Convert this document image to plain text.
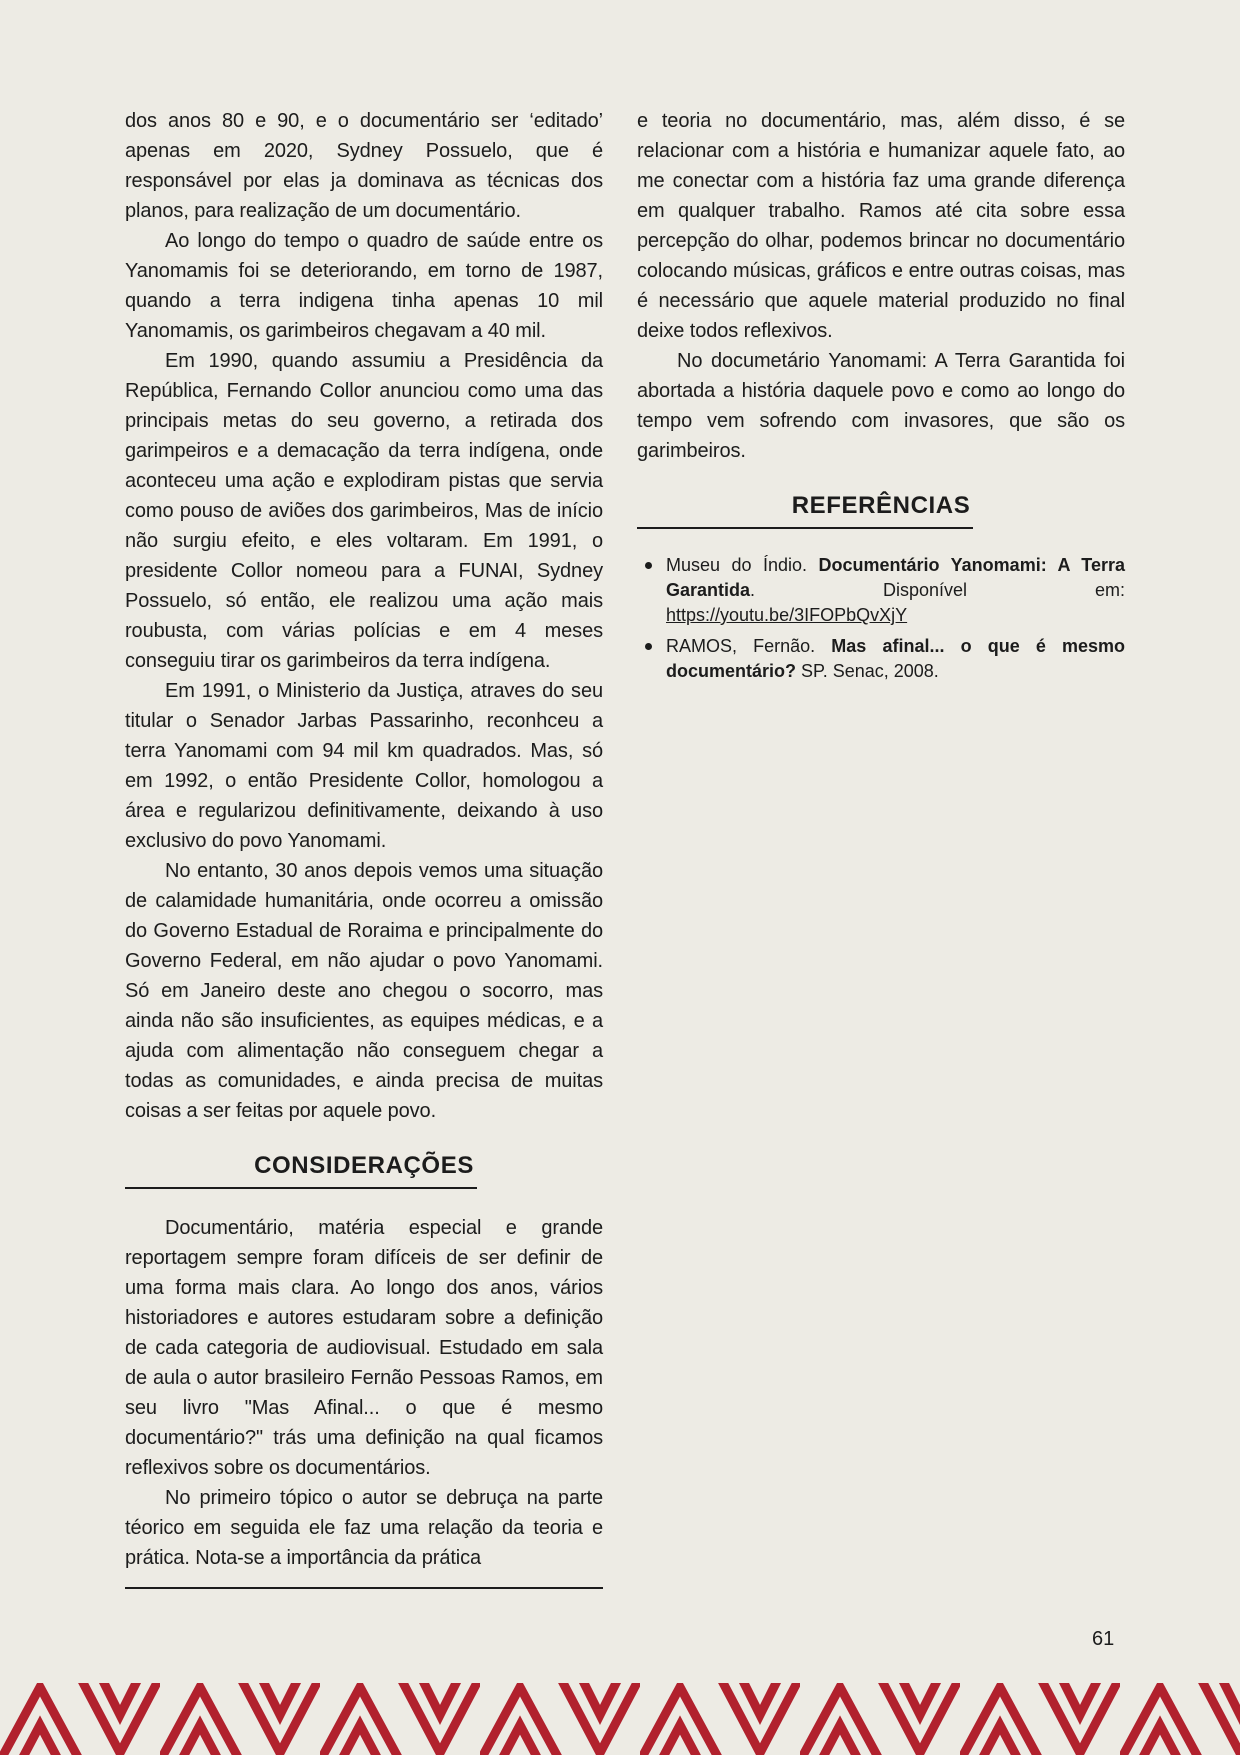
dos anos 80 e 90, e o documentário ser ‘editado’ apenas em 2020, Sydney Possuelo, que é responsável por elas ja dominava as técnicas dos planos, para realização de um documentário.

Ao longo do tempo o quadro de saúde entre os Yanomamis foi se deteriorando, em torno de 1987, quando a terra indigena tinha apenas 10 mil Yanomamis, os garimbeiros chegavam a 40 mil.

Em 1990, quando assumiu a Presidência da República, Fernando Collor anunciou como uma das principais metas do seu governo, a retirada dos garimpeiros e a demacação da terra indígena, onde aconteceu uma ação e explodiram pistas que servia como pouso de aviões dos garimbeiros, Mas de início não surgiu efeito, e eles voltaram. Em 1991, o presidente Collor nomeou para a FUNAI, Sydney Possuelo, só então, ele realizou uma ação mais roubusta, com várias polícias e em 4 meses conseguiu tirar os garimbeiros da terra indígena.

Em 1991, o Ministerio da Justiça, atraves do seu titular o Senador Jarbas Passarinho, reconhceu a terra Yanomami com 94 mil km quadrados. Mas, só em 1992, o então Presidente Collor, homologou a área e regularizou definitivamente, deixando à uso exclusivo do povo Yanomami.

No entanto, 30 anos depois vemos uma situação de calamidade humanitária, onde ocorreu a omissão do Governo Estadual de Roraima e principalmente do Governo Federal, em não ajudar o povo Yanomami. Só em Janeiro deste ano chegou o socorro, mas ainda não são insuficientes, as equipes médicas, e a ajuda com alimentação não conseguem chegar a todas as comunidades, e ainda precisa de muitas coisas a ser feitas por aquele povo.

CONSIDERAÇÕES

Documentário, matéria especial e grande reportagem sempre foram difíceis de ser definir de uma forma mais clara. Ao longo dos anos, vários historiadores e autores estudaram sobre a definição de cada categoria de audiovisual. Estudado em sala de aula o autor brasileiro Fernão Pessoas Ramos, em seu livro "Mas Afinal... o que é mesmo documentário?" trás uma definição na qual ficamos reflexivos sobre os documentários.

No primeiro tópico o autor se debruça na parte téorico em seguida ele faz uma relação da teoria e prática. Nota-se a importância da prática

e teoria no documentário, mas, além disso, é se relacionar com a história e humanizar aquele fato, ao me conectar com a história faz uma grande diferença em qualquer trabalho. Ramos até cita sobre essa percepção do olhar, podemos brincar no documentário colocando músicas, gráficos e entre outras coisas, mas é necessário que aquele material produzido no final deixe todos reflexivos.

No documetário Yanomami: A Terra Garantida foi abortada a história daquele povo e como ao longo do tempo vem sofrendo com invasores, que são os garimbeiros.

REFERÊNCIAS
Museu do Índio. Documentário Yanomami: A Terra Garantida. Disponível em: https://youtu.be/3IFOPbQvXjY
RAMOS, Fernão. Mas afinal... o que é mesmo documentário? SP. Senac, 2008.
61
